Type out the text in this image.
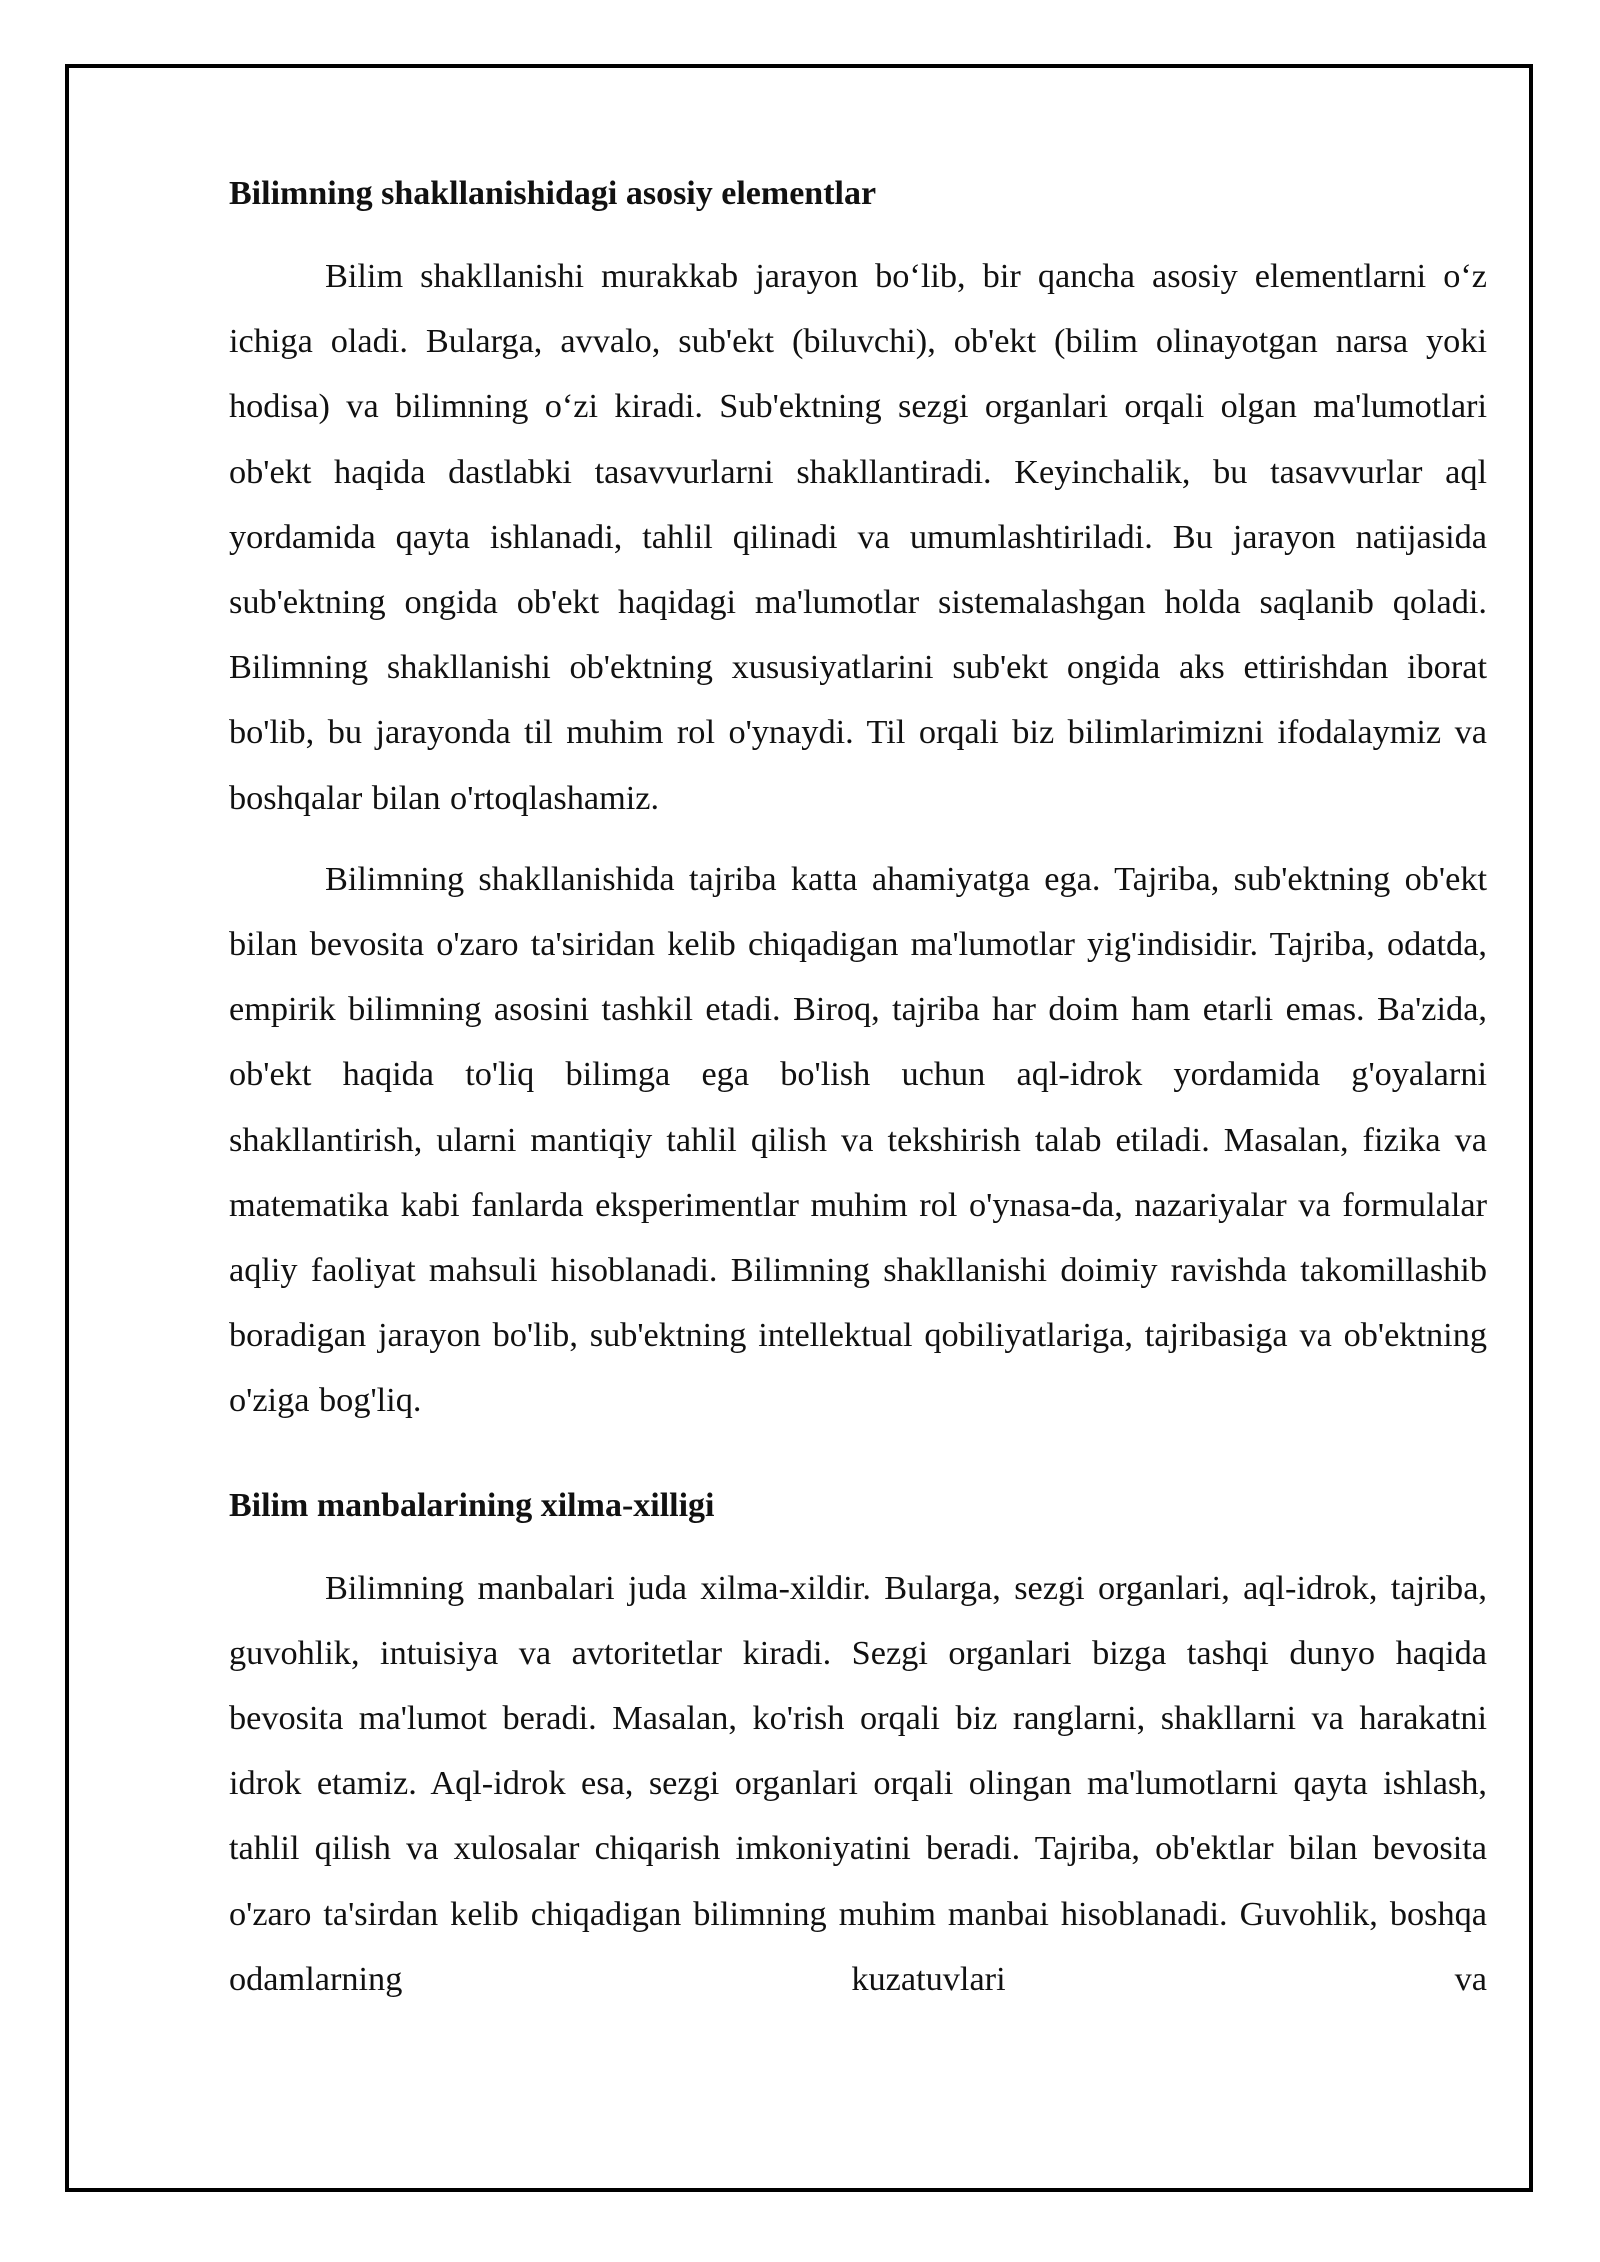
Bilimning shakllanishidagi asosiy elementlar

Bilim shakllanishi murakkab jarayon bo‘lib, bir qancha asosiy elementlarni o‘z ichiga oladi. Bularga, avvalo, sub'ekt (biluvchi), ob'ekt (bilim olinayotgan narsa yoki hodisa) va bilimning o‘zi kiradi. Sub'ektning sezgi organlari orqali olgan ma'lumotlari ob'ekt haqida dastlabki tasavvurlarni shakllantiradi. Keyinchalik, bu tasavvurlar aql yordamida qayta ishlanadi, tahlil qilinadi va umumlashtiriladi. Bu jarayon natijasida sub'ektning ongida ob'ekt haqidagi ma'lumotlar sistemalashgan holda saqlanib qoladi. Bilimning shakllanishi ob'ektning xususiyatlarini sub'ekt ongida aks ettirishdan iborat bo'lib, bu jarayonda til muhim rol o'ynaydi. Til orqali biz bilimlarimizni ifodalaymiz va boshqalar bilan o'rtoqlashamiz.

Bilimning shakllanishida tajriba katta ahamiyatga ega. Tajriba, sub'ektning ob'ekt bilan bevosita o'zaro ta'siridan kelib chiqadigan ma'lumotlar yig'indisidir. Tajriba, odatda, empirik bilimning asosini tashkil etadi. Biroq, tajriba har doim ham etarli emas. Ba'zida, ob'ekt haqida to'liq bilimga ega bo'lish uchun aql-idrok yordamida g'oyalarni shakllantirish, ularni mantiqiy tahlil qilish va tekshirish talab etiladi. Masalan, fizika va matematika kabi fanlarda eksperimentlar muhim rol o'ynasa-da, nazariyalar va formulalar aqliy faoliyat mahsuli hisoblanadi. Bilimning shakllanishi doimiy ravishda takomillashib boradigan jarayon bo'lib, sub'ektning intellektual qobiliyatlariga, tajribasiga va ob'ektning o'ziga bog'liq.

Bilim manbalarining xilma-xilligi

Bilimning manbalari juda xilma-xildir. Bularga, sezgi organlari, aql-idrok, tajriba, guvohlik, intuisiya va avtoritetlar kiradi. Sezgi organlari bizga tashqi dunyo haqida bevosita ma'lumot beradi. Masalan, ko'rish orqali biz ranglarni, shakllarni va harakatni idrok etamiz. Aql-idrok esa, sezgi organlari orqali olingan ma'lumotlarni qayta ishlash, tahlil qilish va xulosalar chiqarish imkoniyatini beradi. Tajriba, ob'ektlar bilan bevosita o'zaro ta'sirdan kelib chiqadigan bilimning muhim manbai hisoblanadi. Guvohlik, boshqa odamlarning kuzatuvlari va
